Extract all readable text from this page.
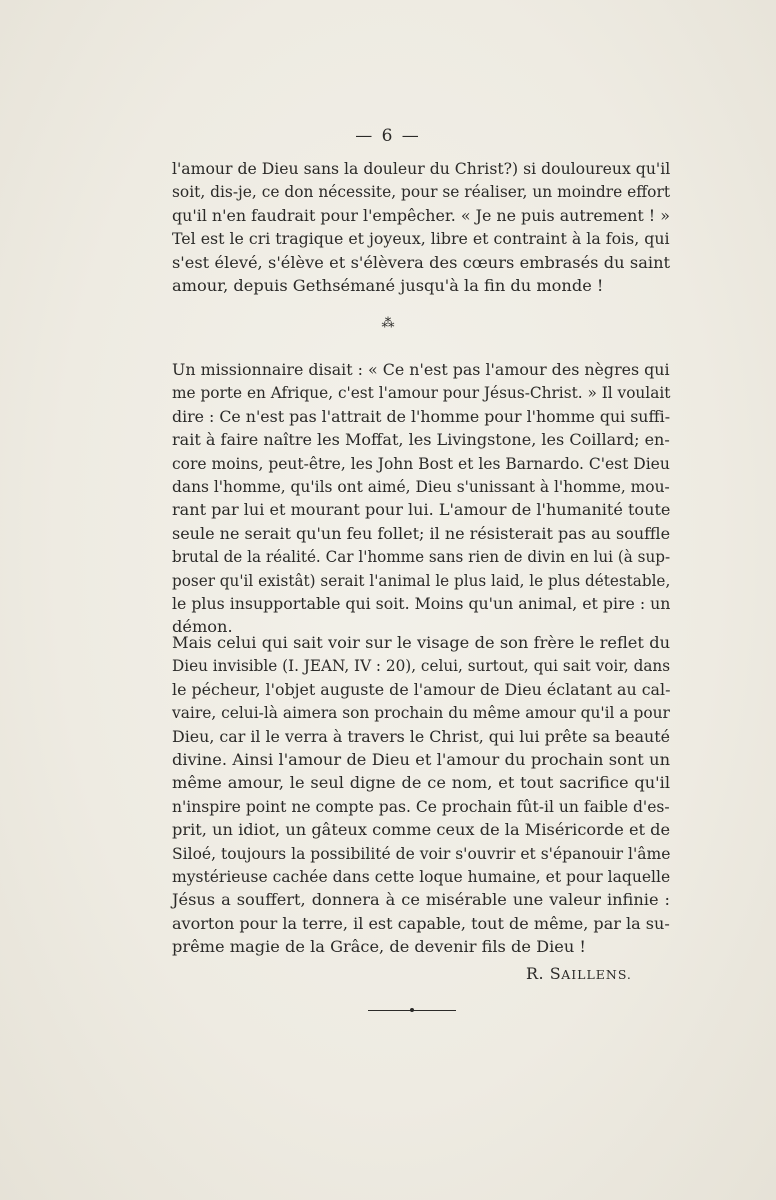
— 6 —
l'amour de Dieu sans la douleur du Christ?) si douloureux qu'il
soit, dis-je, ce don nécessite, pour se réaliser, un moindre effort
qu'il n'en faudrait pour l'empêcher. « Je ne puis autrement ! »
Tel est le cri tragique et joyeux, libre et contraint à la fois, qui
s'est élevé, s'élève et s'élèvera des cœurs embrasés du saint
amour, depuis Gethsémané jusqu'à la fin du monde !
⁂
Un missionnaire disait : « Ce n'est pas l'amour des nègres qui
me porte en Afrique, c'est l'amour pour Jésus-Christ. » Il voulait
dire : Ce n'est pas l'attrait de l'homme pour l'homme qui suffi-
rait à faire naître les Moffat, les Livingstone, les Coillard; en-
core moins, peut-être, les John Bost et les Barnardo. C'est Dieu
dans l'homme, qu'ils ont aimé, Dieu s'unissant à l'homme, mou-
rant par lui et mourant pour lui. L'amour de l'humanité toute
seule ne serait qu'un feu follet; il ne résisterait pas au souffle
brutal de la réalité. Car l'homme sans rien de divin en lui (à sup-
poser qu'il existât) serait l'animal le plus laid, le plus détestable,
le plus insupportable qui soit. Moins qu'un animal, et pire : un
démon.
Mais celui qui sait voir sur le visage de son frère le reflet du
Dieu invisible (I. JEAN, IV : 20), celui, surtout, qui sait voir, dans
le pécheur, l'objet auguste de l'amour de Dieu éclatant au cal-
vaire, celui-là aimera son prochain du même amour qu'il a pour
Dieu, car il le verra à travers le Christ, qui lui prête sa beauté
divine. Ainsi l'amour de Dieu et l'amour du prochain sont un
même amour, le seul digne de ce nom, et tout sacrifice qu'il
n'inspire point ne compte pas. Ce prochain fût-il un faible d'es-
prit, un idiot, un gâteux comme ceux de la Miséricorde et de
Siloé, toujours la possibilité de voir s'ouvrir et s'épanouir l'âme
mystérieuse cachée dans cette loque humaine, et pour laquelle
Jésus a souffert, donnera à ce misérable une valeur infinie :
avorton pour la terre, il est capable, tout de même, par la su-
prême magie de la Grâce, de devenir fils de Dieu !
R. SAILLENS.
